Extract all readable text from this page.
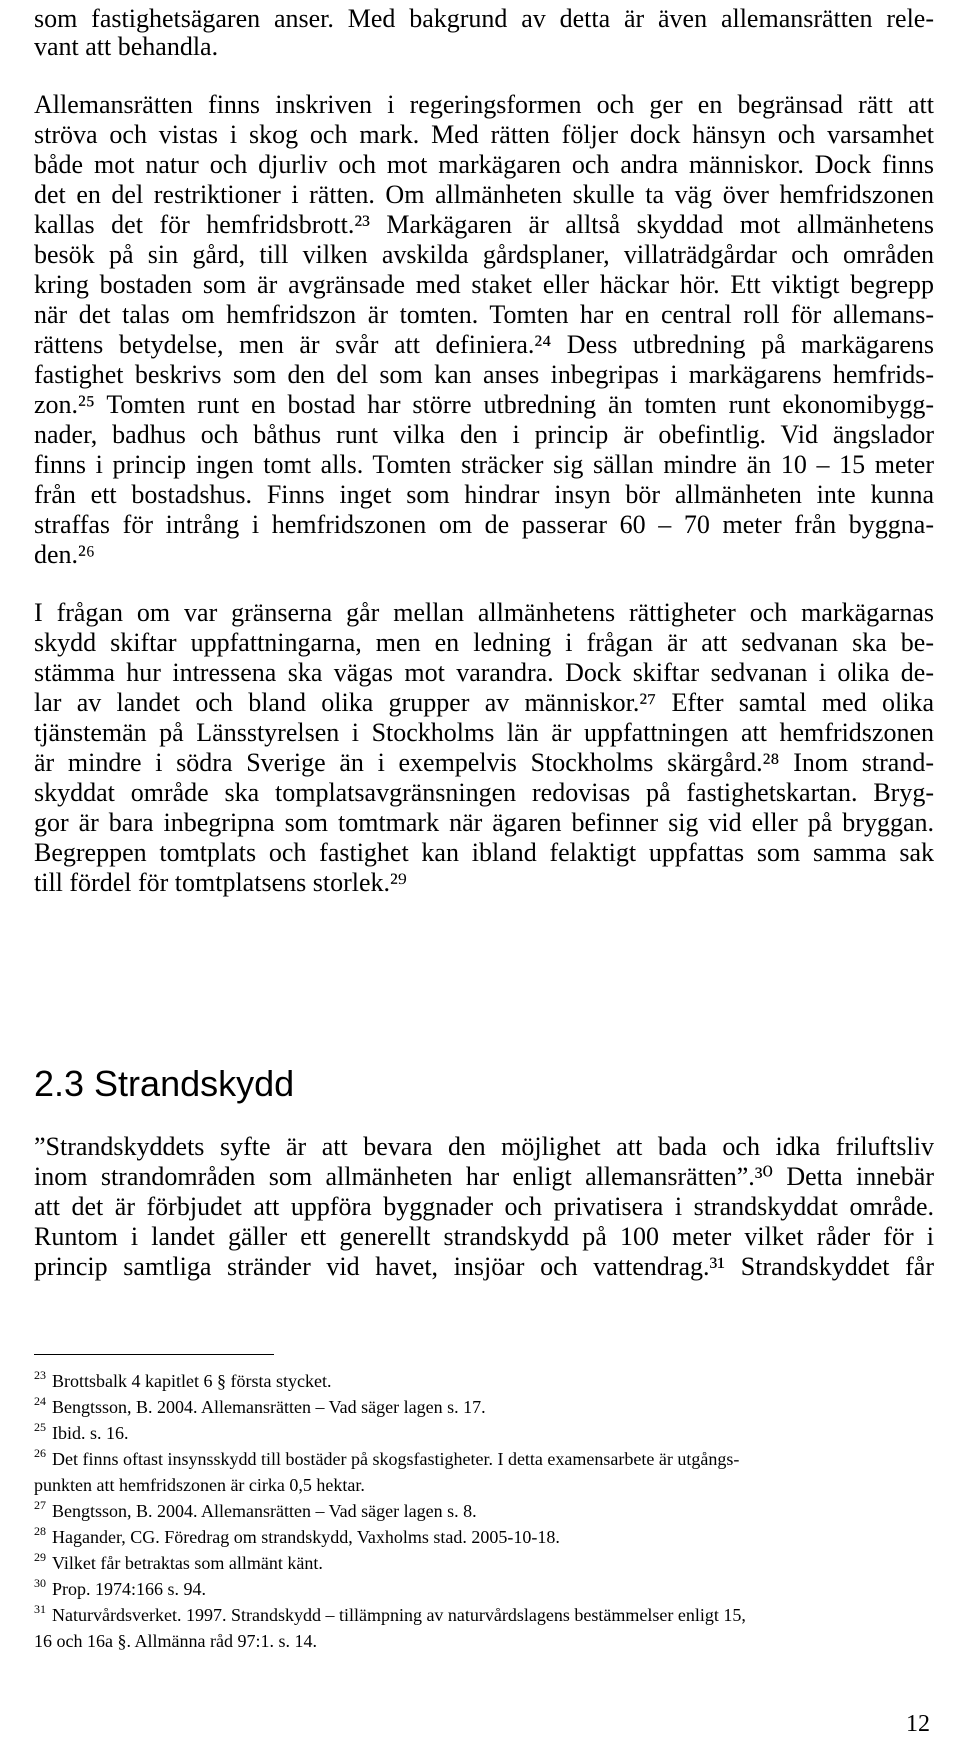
som fastighetsägaren anser. Med bakgrund av detta är även allemansrätten rele-

vant att behandla.

Allemansrätten finns inskriven i regeringsformen och ger en begränsad rätt att

ströva och vistas i skog och mark. Med rätten följer dock hänsyn och varsamhet

både mot natur och djurliv och mot markägaren och andra människor. Dock finns

det en del restriktioner i rätten. Om allmänheten skulle ta väg över hemfridszonen

kallas det för hemfridsbrott.²³ Markägaren är alltså skyddad mot allmänhetens

besök på sin gård, till vilken avskilda gårdsplaner, villaträdgårdar och områden

kring bostaden som är avgränsade med staket eller häckar hör. Ett viktigt begrepp

när det talas om hemfridszon är tomten. Tomten har en central roll för allemans-

rättens betydelse, men är svår att definiera.²⁴ Dess utbredning på markägarens

fastighet beskrivs som den del som kan anses inbegripas i markägarens hemfrids-

zon.²⁵ Tomten runt en bostad har större utbredning än tomten runt ekonomibygg-

nader, badhus och båthus runt vilka den i princip är obefintlig. Vid ängslador

finns i princip ingen tomt alls. Tomten sträcker sig sällan mindre än 10 – 15 meter

från ett bostadshus. Finns inget som hindrar insyn bör allmänheten inte kunna

straffas för intrång i hemfridszonen om de passerar 60 – 70 meter från byggna-

den.²⁶

I frågan om var gränserna går mellan allmänhetens rättigheter och markägarnas

skydd skiftar uppfattningarna, men en ledning i frågan är att sedvanan ska be-

stämma hur intressena ska vägas mot varandra. Dock skiftar sedvanan i olika de-

lar av landet och bland olika grupper av människor.²⁷ Efter samtal med olika

tjänstemän på Länsstyrelsen i Stockholms län är uppfattningen att hemfridszonen

är mindre i södra Sverige än i exempelvis Stockholms skärgård.²⁸ Inom strand-

skyddat område ska tomplatsavgränsningen redovisas på fastighetskartan. Bryg-

gor är bara inbegripna som tomtmark när ägaren befinner sig vid eller på bryggan.

Begreppen tomtplats och fastighet kan ibland felaktigt uppfattas som samma sak

till fördel för tomtplatsens storlek.²⁹

2.3 Strandskydd

”Strandskyddets syfte är att bevara den möjlighet att bada och idka friluftsliv

inom strandområden som allmänheten har enligt allemansrätten”.³⁰ Detta innebär

att det är förbjudet att uppföra byggnader och privatisera i strandskyddat område.

Runtom i landet gäller ett generellt strandskydd på 100 meter vilket råder för i

princip samtliga stränder vid havet, insjöar och vattendrag.³¹ Strandskyddet får

$^{23}$ Brottsbalk 4 kapitlet 6 § första stycket.

$^{24}$ Bengtsson, B. 2004. Allemansrätten – Vad säger lagen s. 17.

$^{25}$ Ibid. s. 16.

$^{26}$ Det finns oftast insynsskydd till bostäder på skogsfastigheter. I detta examensarbete är utgångs-

punkten att hemfridszonen är cirka 0,5 hektar.

$^{27}$ Bengtsson, B. 2004. Allemansrätten – Vad säger lagen s. 8.

$^{28}$ Hagander, CG. Föredrag om strandskydd, Vaxholms stad. 2005-10-18.

$^{29}$ Vilket får betraktas som allmänt känt.

$^{30}$ Prop. 1974:166 s. 94.

$^{31}$ Naturvårdsverket. 1997. Strandskydd – tillämpning av naturvårdslagens bestämmelser enligt 15,

16 och 16a §. Allmänna råd 97:1. s. 14.

12
